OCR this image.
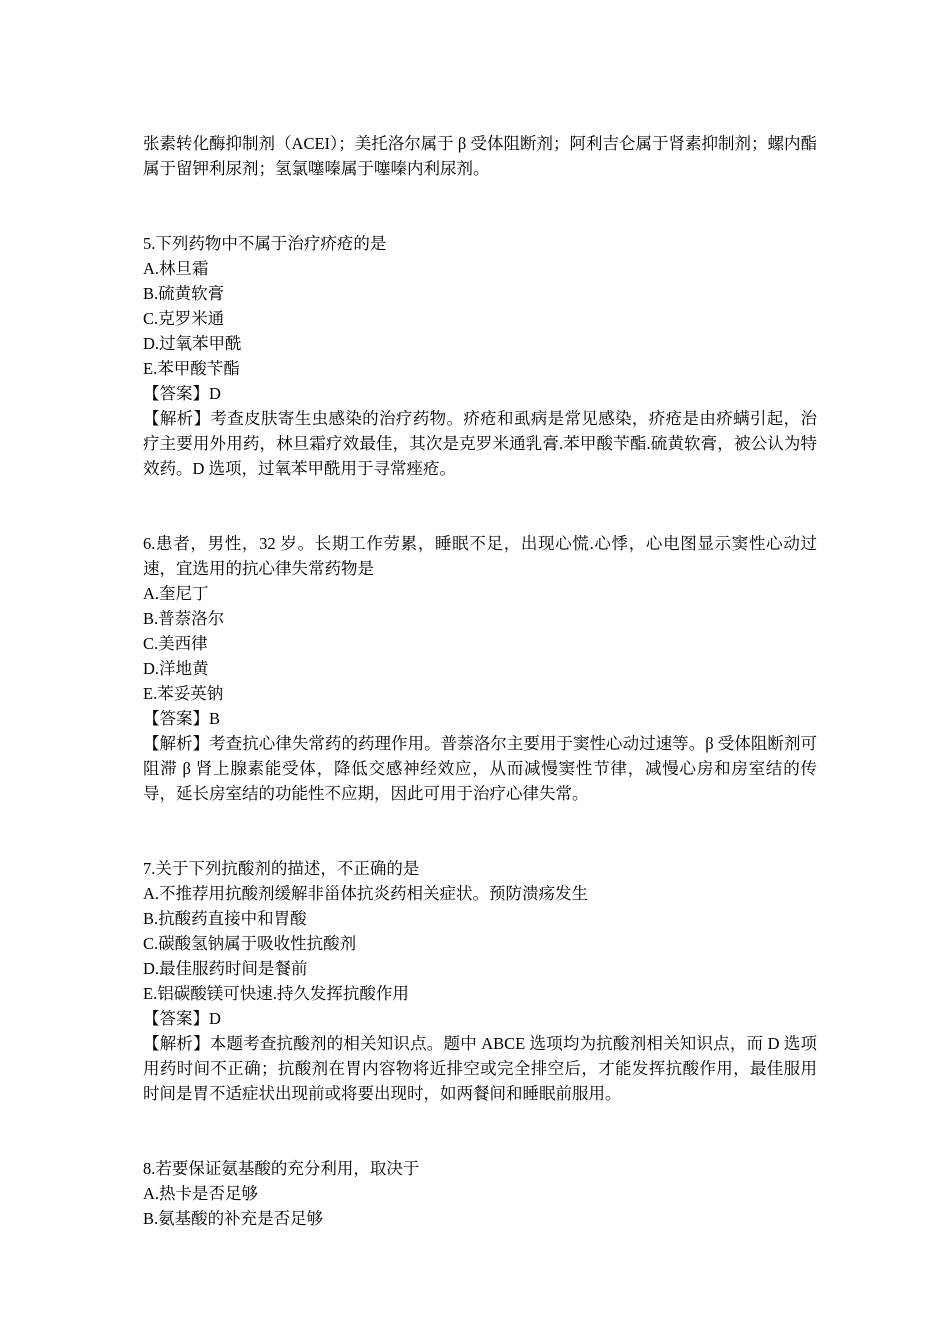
张素转化酶抑制剂（ACEI）；美托洛尔属于 β 受体阻断剂；阿利吉仑属于肾素抑制剂；螺内酯属于留钾利尿剂；氢氯噻嗪属于噻嗪内利尿剂。

5.下列药物中不属于治疗疥疮的是

A.林旦霜

B.硫黄软膏

C.克罗米通

D.过氧苯甲酰

E.苯甲酸苄酯

【答案】D

【解析】考查皮肤寄生虫感染的治疗药物。疥疮和虱病是常见感染，疥疮是由疥螨引起，治疗主要用外用药，林旦霜疗效最佳，其次是克罗米通乳膏.苯甲酸苄酯.硫黄软膏，被公认为特效药。D 选项，过氧苯甲酰用于寻常痤疮。

6.患者，男性，32 岁。长期工作劳累，睡眠不足，出现心慌.心悸，心电图显示窦性心动过速，宜选用的抗心律失常药物是

A.奎尼丁

B.普萘洛尔

C.美西律

D.洋地黄

E.苯妥英钠

【答案】B

【解析】考查抗心律失常药的药理作用。普萘洛尔主要用于窦性心动过速等。β 受体阻断剂可阻滞 β 肾上腺素能受体，降低交感神经效应，从而减慢窦性节律，减慢心房和房室结的传导，延长房室结的功能性不应期，因此可用于治疗心律失常。

7.关于下列抗酸剂的描述，不正确的是

A.不推荐用抗酸剂缓解非甾体抗炎药相关症状。预防溃疡发生

B.抗酸药直接中和胃酸

C.碳酸氢钠属于吸收性抗酸剂

D.最佳服药时间是餐前

E.铝碳酸镁可快速.持久发挥抗酸作用

【答案】D

【解析】本题考查抗酸剂的相关知识点。题中 ABCE 选项均为抗酸剂相关知识点，而 D 选项用药时间不正确；抗酸剂在胃内容物将近排空或完全排空后，才能发挥抗酸作用，最佳服用时间是胃不适症状出现前或将要出现时，如两餐间和睡眠前服用。

8.若要保证氨基酸的充分利用，取决于

A.热卡是否足够

B.氨基酸的补充是否足够
